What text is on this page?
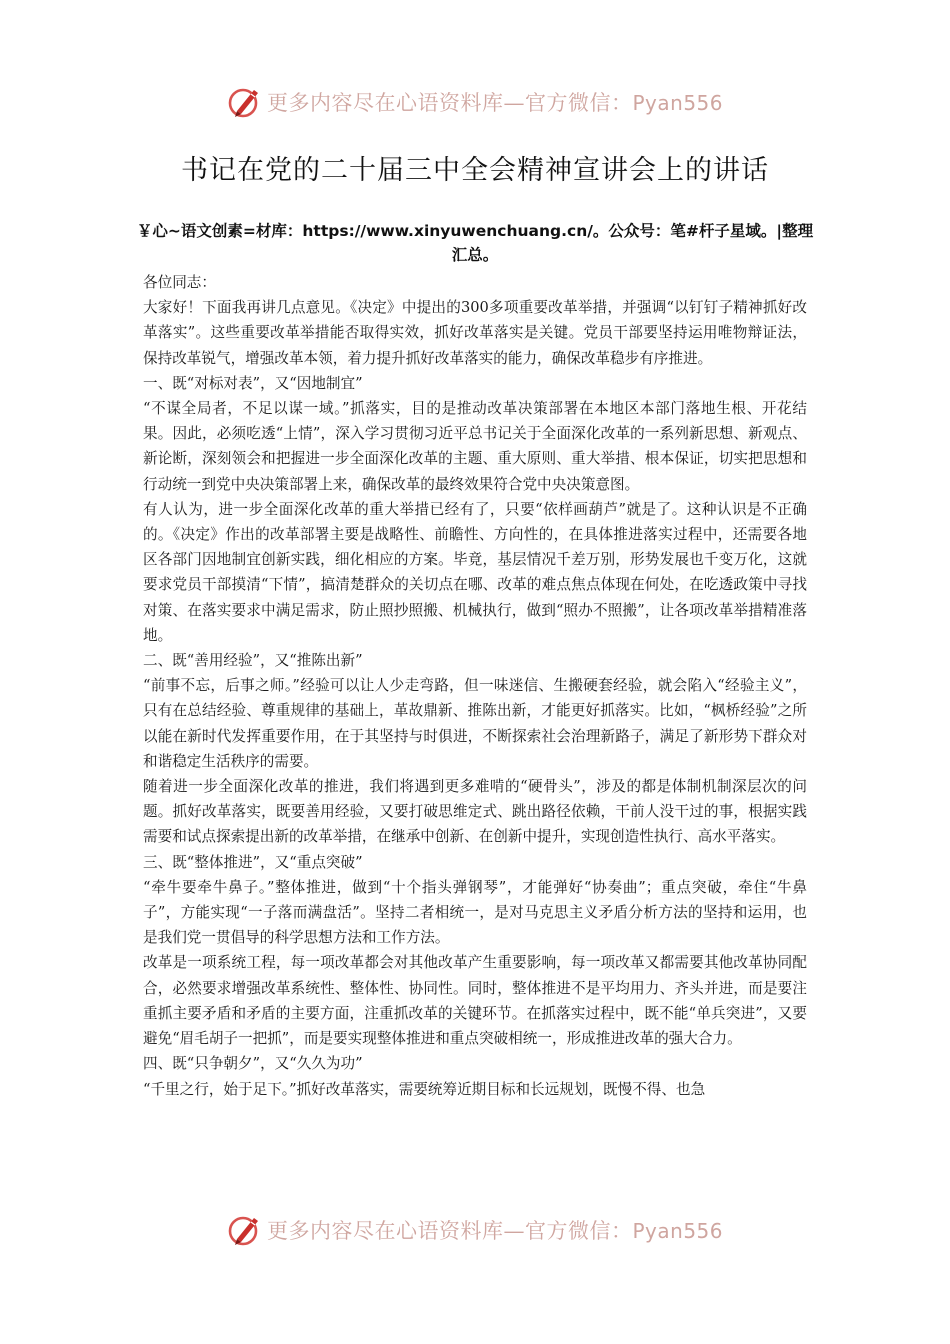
更多内容尽在心语资料库—官方微信：Pyan556
书记在党的二十届三中全会精神宣讲会上的讲话
￥心~语文创素=材库：https://www.xinyuwenchuang.cn/。公众号：笔#杆子星域。|整理汇总。

各位同志：

大家好！下面我再讲几点意见。《决定》中提出的300多项重要改革举措，并强调“以钉钉子精神抓好改革落实”。这些重要改革举措能否取得实效，抓好改革落实是关键。党员干部要坚持运用唯物辩证法，保持改革锐气，增强改革本领，着力提升抓好改革落实的能力，确保改革稳步有序推进。

一、既“对标对表”，又“因地制宜”

“不谋全局者，不足以谋一域。”抓落实，目的是推动改革决策部署在本地区本部门落地生根、开花结果。因此，必须吃透“上情”，深入学习贯彻习近平总书记关于全面深化改革的一系列新思想、新观点、新论断，深刻领会和把握进一步全面深化改革的主题、重大原则、重大举措、根本保证，切实把思想和行动统一到党中央决策部署上来，确保改革的最终效果符合党中央决策意图。

有人认为，进一步全面深化改革的重大举措已经有了，只要“依样画葫芦”就是了。这种认识是不正确的。《决定》作出的改革部署主要是战略性、前瞻性、方向性的，在具体推进落实过程中，还需要各地区各部门因地制宜创新实践，细化相应的方案。毕竟，基层情况千差万别，形势发展也千变万化，这就要求党员干部摸清“下情”，搞清楚群众的关切点在哪、改革的难点焦点体现在何处，在吃透政策中寻找对策、在落实要求中满足需求，防止照抄照搬、机械执行，做到“照办不照搬”，让各项改革举措精准落地。

二、既“善用经验”，又“推陈出新”

“前事不忘，后事之师。”经验可以让人少走弯路，但一味迷信、生搬硬套经验，就会陷入“经验主义”，只有在总结经验、尊重规律的基础上，革故鼎新、推陈出新，才能更好抓落实。比如，“枫桥经验”之所以能在新时代发挥重要作用，在于其坚持与时俱进，不断探索社会治理新路子，满足了新形势下群众对和谐稳定生活秩序的需要。

随着进一步全面深化改革的推进，我们将遇到更多难啃的“硬骨头”，涉及的都是体制机制深层次的问题。抓好改革落实，既要善用经验，又要打破思维定式、跳出路径依赖，干前人没干过的事，根据实践需要和试点探索提出新的改革举措，在继承中创新、在创新中提升，实现创造性执行、高水平落实。

三、既“整体推进”，又“重点突破”

“牵牛要牵牛鼻子。”整体推进，做到“十个指头弹钢琴”，才能弹好“协奏曲”；重点突破，牵住“牛鼻子”，方能实现“一子落而满盘活”。坚持二者相统一，是对马克思主义矛盾分析方法的坚持和运用，也是我们党一贯倡导的科学思想方法和工作方法。

改革是一项系统工程，每一项改革都会对其他改革产生重要影响，每一项改革又都需要其他改革协同配合，必然要求增强改革系统性、整体性、协同性。同时，整体推进不是平均用力、齐头并进，而是要注重抓主要矛盾和矛盾的主要方面，注重抓改革的关键环节。在抓落实过程中，既不能“单兵突进”，又要避免“眉毛胡子一把抓”，而是要实现整体推进和重点突破相统一，形成推进改革的强大合力。

四、既“只争朝夕”，又“久久为功”

“千里之行，始于足下。”抓好改革落实，需要统筹近期目标和长远规划，既慢不得、也急

更多内容尽在心语资料库—官方微信：Pyan556
